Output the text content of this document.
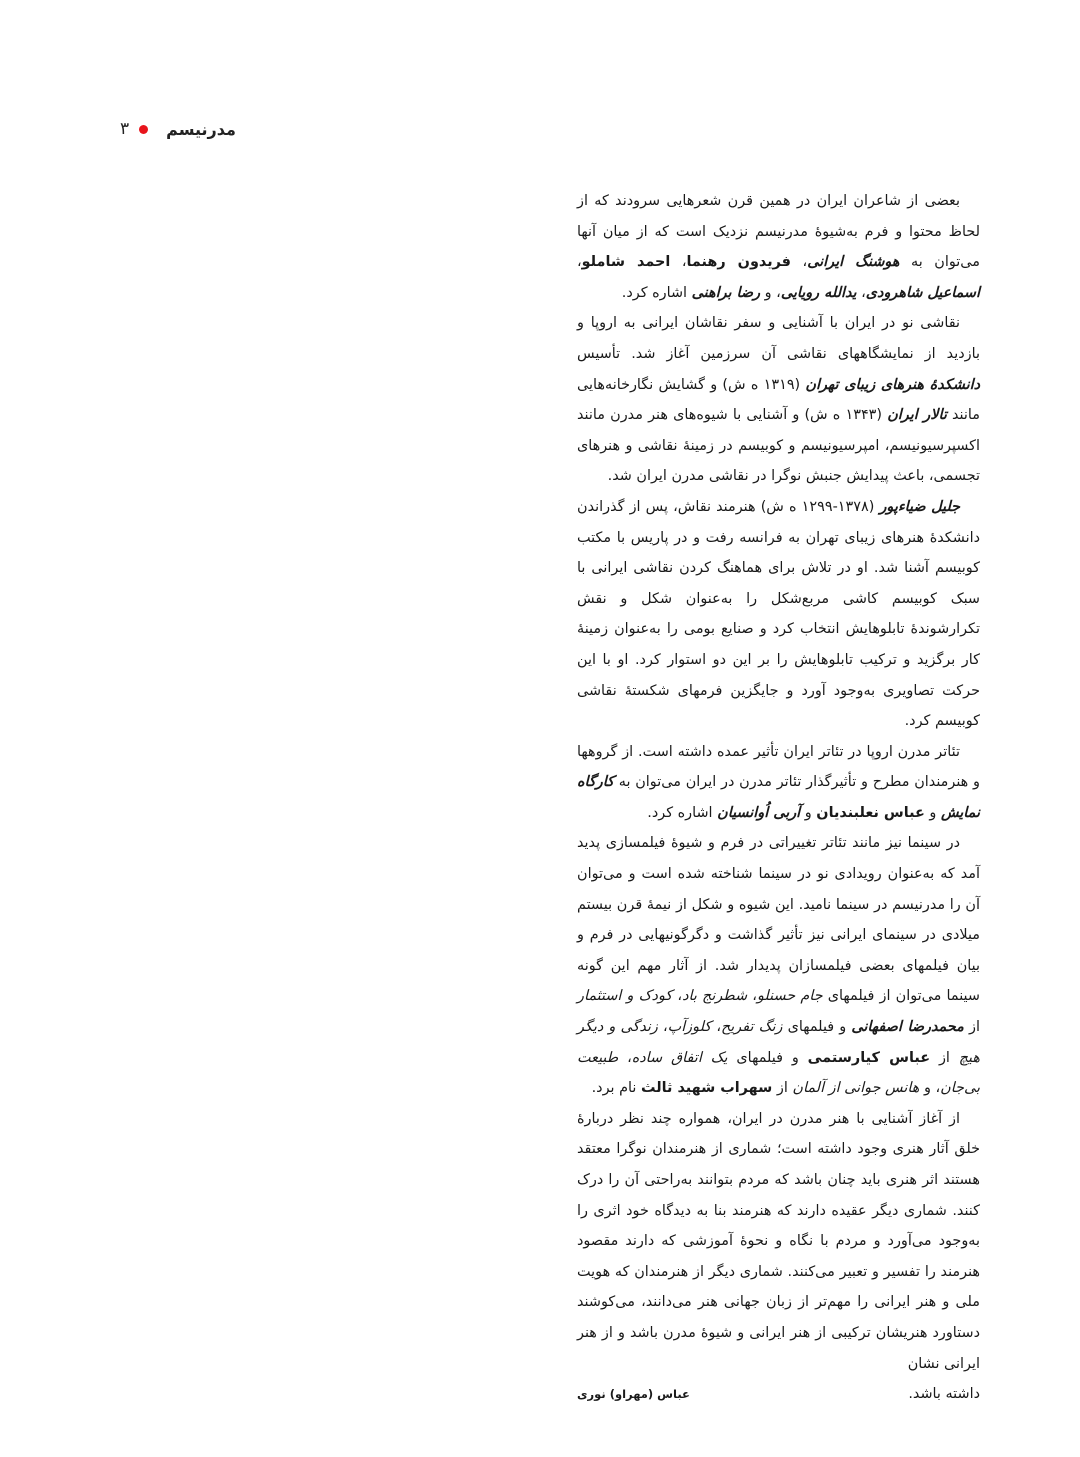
۳ مدرنیسم

بعضی از شاعران ایران در همین قرن شعرهایی سرودند که از لحاظ محتوا و فرم به‌شیوهٔ مدرنیسم نزدیک است که از میان آنها می‌توان به هوشنگ ایرانی، فریدون رهنما، احمد شاملو، اسماعیل شاهرودی، یدالله رویایی، و رضا براهنی اشاره کرد.

نقاشی نو در ایران با آشنایی و سفر نقاشان ایرانی به اروپا و بازدید از نمایشگاههای نقاشی آن سرزمین آغاز شد. تأسیس دانشکدهٔ هنرهای زیبای تهران (۱۳۱۹ ه ش) و گشایش نگارخانه‌هایی مانند تالار ایران (۱۳۴۳ ه ش) و آشنایی با شیوه‌های هنر مدرن مانند اکسپرسیونیسم، امپرسیونیسم و کوبیسم در زمینهٔ نقاشی و هنرهای تجسمی، باعث پیدایش جنبش نوگرا در نقاشی مدرن ایران شد.

جلیل ضیاءپور (۱۳۷۸-۱۲۹۹ ه ش) هنرمند نقاش، پس از گذراندن دانشکدهٔ هنرهای زیبای تهران به فرانسه رفت و در پاریس با مکتب کوبیسم آشنا شد. او در تلاش برای هماهنگ کردن نقاشی ایرانی با سبک کوبیسم کاشی مربع‌شکل را به‌عنوان شکل و نقش تکرارشوندهٔ تابلوهایش انتخاب کرد و صنایع بومی را به‌عنوان زمینهٔ کار برگزید و ترکیب تابلوهایش را بر این دو استوار کرد. او با این حرکت تصاویری به‌وجود آورد و جایگزین فرمهای شکستهٔ نقاشی کوبیسم کرد.

تئاتر مدرن اروپا در تئاتر ایران تأثیر عمده داشته است. از گروهها و هنرمندان مطرح و تأثیرگذار تئاتر مدرن در ایران می‌توان به کارگاه نمایش و عباس نعلبندیان و آربی اُوانسیان اشاره کرد.

در سینما نیز مانند تئاتر تغییراتی در فرم و شیوهٔ فیلمسازی پدید آمد که به‌عنوان رویدادی نو در سینما شناخته شده است و می‌توان آن را مدرنیسم در سینما نامید. این شیوه و شکل از نیمهٔ قرن بیستم میلادی در سینمای ایرانی نیز تأثیر گذاشت و دگرگونیهایی در فرم و بیان فیلمهای بعضی فیلمسازان پدیدار شد. از آثار مهم این گونه سینما می‌توان از فیلمهای جام حسنلو، شطرنج باد، کودک و استثمار از محمدرضا اصفهانی و فیلمهای زنگ تفریح، کلوزآپ، زندگی و دیگر هیچ از عباس کیارستمی و فیلمهای یک اتفاق ساده، طبیعت بی‌جان، و هانس جوانی از آلمان از سهراب شهید ثالث نام برد.

از آغاز آشنایی با هنر مدرن در ایران، همواره چند نظر دربارهٔ خلق آثار هنری وجود داشته است؛ شماری از هنرمندان نوگرا معتقد هستند اثر هنری باید چنان باشد که مردم بتوانند به‌راحتی آن را درک کنند. شماری دیگر عقیده دارند که هنرمند بنا به دیدگاه خود اثری را به‌وجود می‌آورد و مردم با نگاه و نحوهٔ آموزشی که دارند مقصود هنرمند را تفسیر و تعبیر می‌کنند. شماری دیگر از هنرمندان که هویت ملی و هنر ایرانی را مهم‌تر از زبان جهانی هنر می‌دانند، می‌کوشند دستاورد هنریشان ترکیبی از هنر ایرانی و شیوهٔ مدرن باشد و از هنر ایرانی نشان

داشته باشد.
عباس (مهراو) نوری
